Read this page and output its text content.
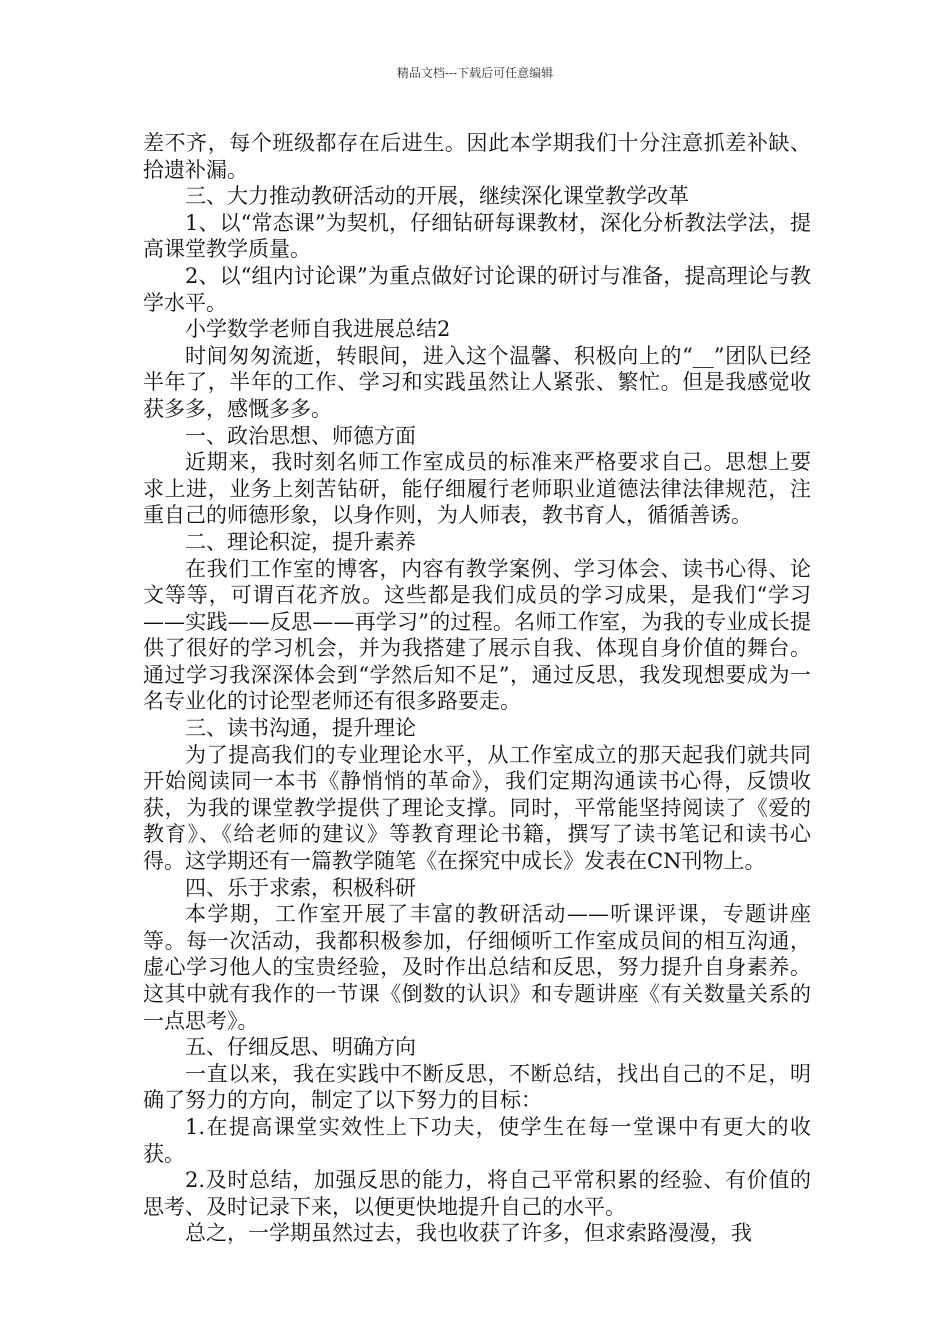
精品文档---下载后可任意编辑

差不齐，每个班级都存在后进生。因此本学期我们十分注意抓差补缺、拾遗补漏。

三、大力推动教研活动的开展，继续深化课堂教学改革

1、以“常态课”为契机，仔细钻研每课教材，深化分析教法学法，提高课堂教学质量。

2、以“组内讨论课”为重点做好讨论课的研讨与准备，提高理论与教学水平。

小学数学老师自我进展总结2

时间匆匆流逝，转眼间，进入这个温馨、积极向上的“__”团队已经半年了，半年的工作、学习和实践虽然让人紧张、繁忙。但是我感觉收获多多，感慨多多。

一、政治思想、师德方面

近期来，我时刻名师工作室成员的标准来严格要求自己。思想上要求上进，业务上刻苦钻研，能仔细履行老师职业道德法律法律规范，注重自己的师德形象，以身作则，为人师表，教书育人，循循善诱。

二、理论积淀，提升素养

在我们工作室的博客，内容有教学案例、学习体会、读书心得、论文等等，可谓百花齐放。这些都是我们成员的学习成果，是我们“学习——实践——反思——再学习”的过程。名师工作室，为我的专业成长提供了很好的学习机会，并为我搭建了展示自我、体现自身价值的舞台。通过学习我深深体会到“学然后知不足”，通过反思，我发现想要成为一名专业化的讨论型老师还有很多路要走。

三、读书沟通，提升理论

为了提高我们的专业理论水平，从工作室成立的那天起我们就共同开始阅读同一本书《静悄悄的革命》，我们定期沟通读书心得，反馈收获，为我的课堂教学提供了理论支撑。同时，平常能坚持阅读了《爱的教育》、《给老师的建议》等教育理论书籍，撰写了读书笔记和读书心得。这学期还有一篇教学随笔《在探究中成长》发表在CN刊物上。

四、乐于求索，积极科研

本学期，工作室开展了丰富的教研活动——听课评课，专题讲座等。每一次活动，我都积极参加，仔细倾听工作室成员间的相互沟通，虚心学习他人的宝贵经验，及时作出总结和反思，努力提升自身素养。这其中就有我作的一节课《倒数的认识》和专题讲座《有关数量关系的一点思考》。

五、仔细反思、明确方向

一直以来，我在实践中不断反思，不断总结，找出自己的不足，明确了努力的方向，制定了以下努力的目标：

1.在提高课堂实效性上下功夫，使学生在每一堂课中有更大的收获。

2.及时总结，加强反思的能力，将自己平常积累的经验、有价值的思考、及时记录下来，以便更快地提升自己的水平。

总之，一学期虽然过去，我也收获了许多，但求索路漫漫，我
